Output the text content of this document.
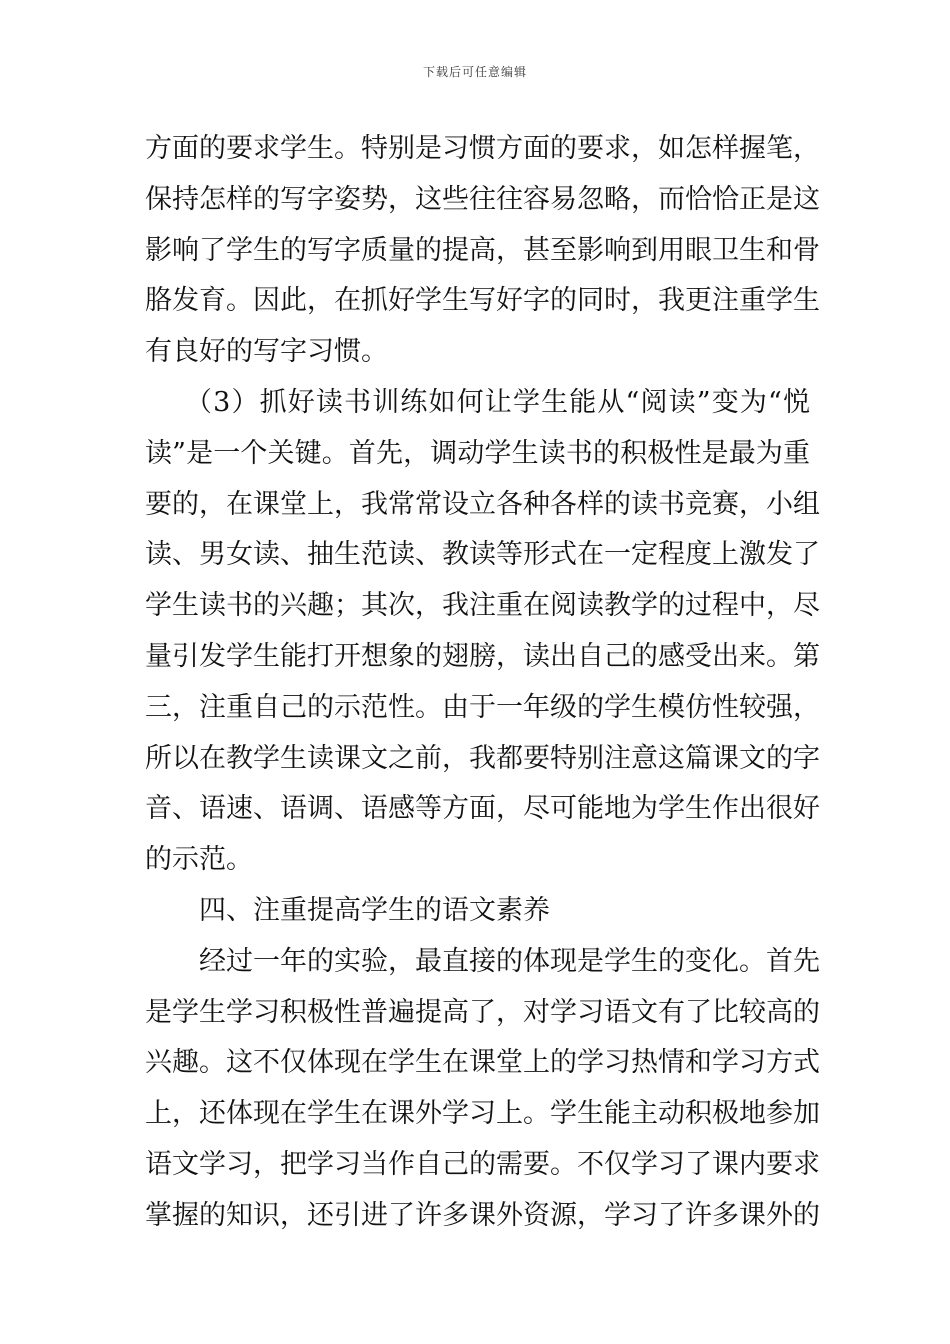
下载后可任意编辑
方面的要求学生。特别是习惯方面的要求，如怎样握笔，
保持怎样的写字姿势，这些往往容易忽略，而恰恰正是这
影响了学生的写字质量的提高，甚至影响到用眼卫生和骨
胳发育。因此，在抓好学生写好字的同时，我更注重学生
有良好的写字习惯。
（3）抓好读书训练如何让学生能从“阅读”变为“悦
读”是一个关键。首先，调动学生读书的积极性是最为重
要的，在课堂上，我常常设立各种各样的读书竞赛，小组
读、男女读、抽生范读、教读等形式在一定程度上激发了
学生读书的兴趣；其次，我注重在阅读教学的过程中，尽
量引发学生能打开想象的翅膀，读出自己的感受出来。第
三，注重自己的示范性。由于一年级的学生模仿性较强，
所以在教学生读课文之前，我都要特别注意这篇课文的字
音、语速、语调、语感等方面，尽可能地为学生作出很好
的示范。
四、注重提高学生的语文素养
经过一年的实验，最直接的体现是学生的变化。首先
是学生学习积极性普遍提高了，对学习语文有了比较高的
兴趣。这不仅体现在学生在课堂上的学习热情和学习方式
上，还体现在学生在课外学习上。学生能主动积极地参加
语文学习，把学习当作自己的需要。不仅学习了课内要求
掌握的知识，还引进了许多课外资源，学习了许多课外的
